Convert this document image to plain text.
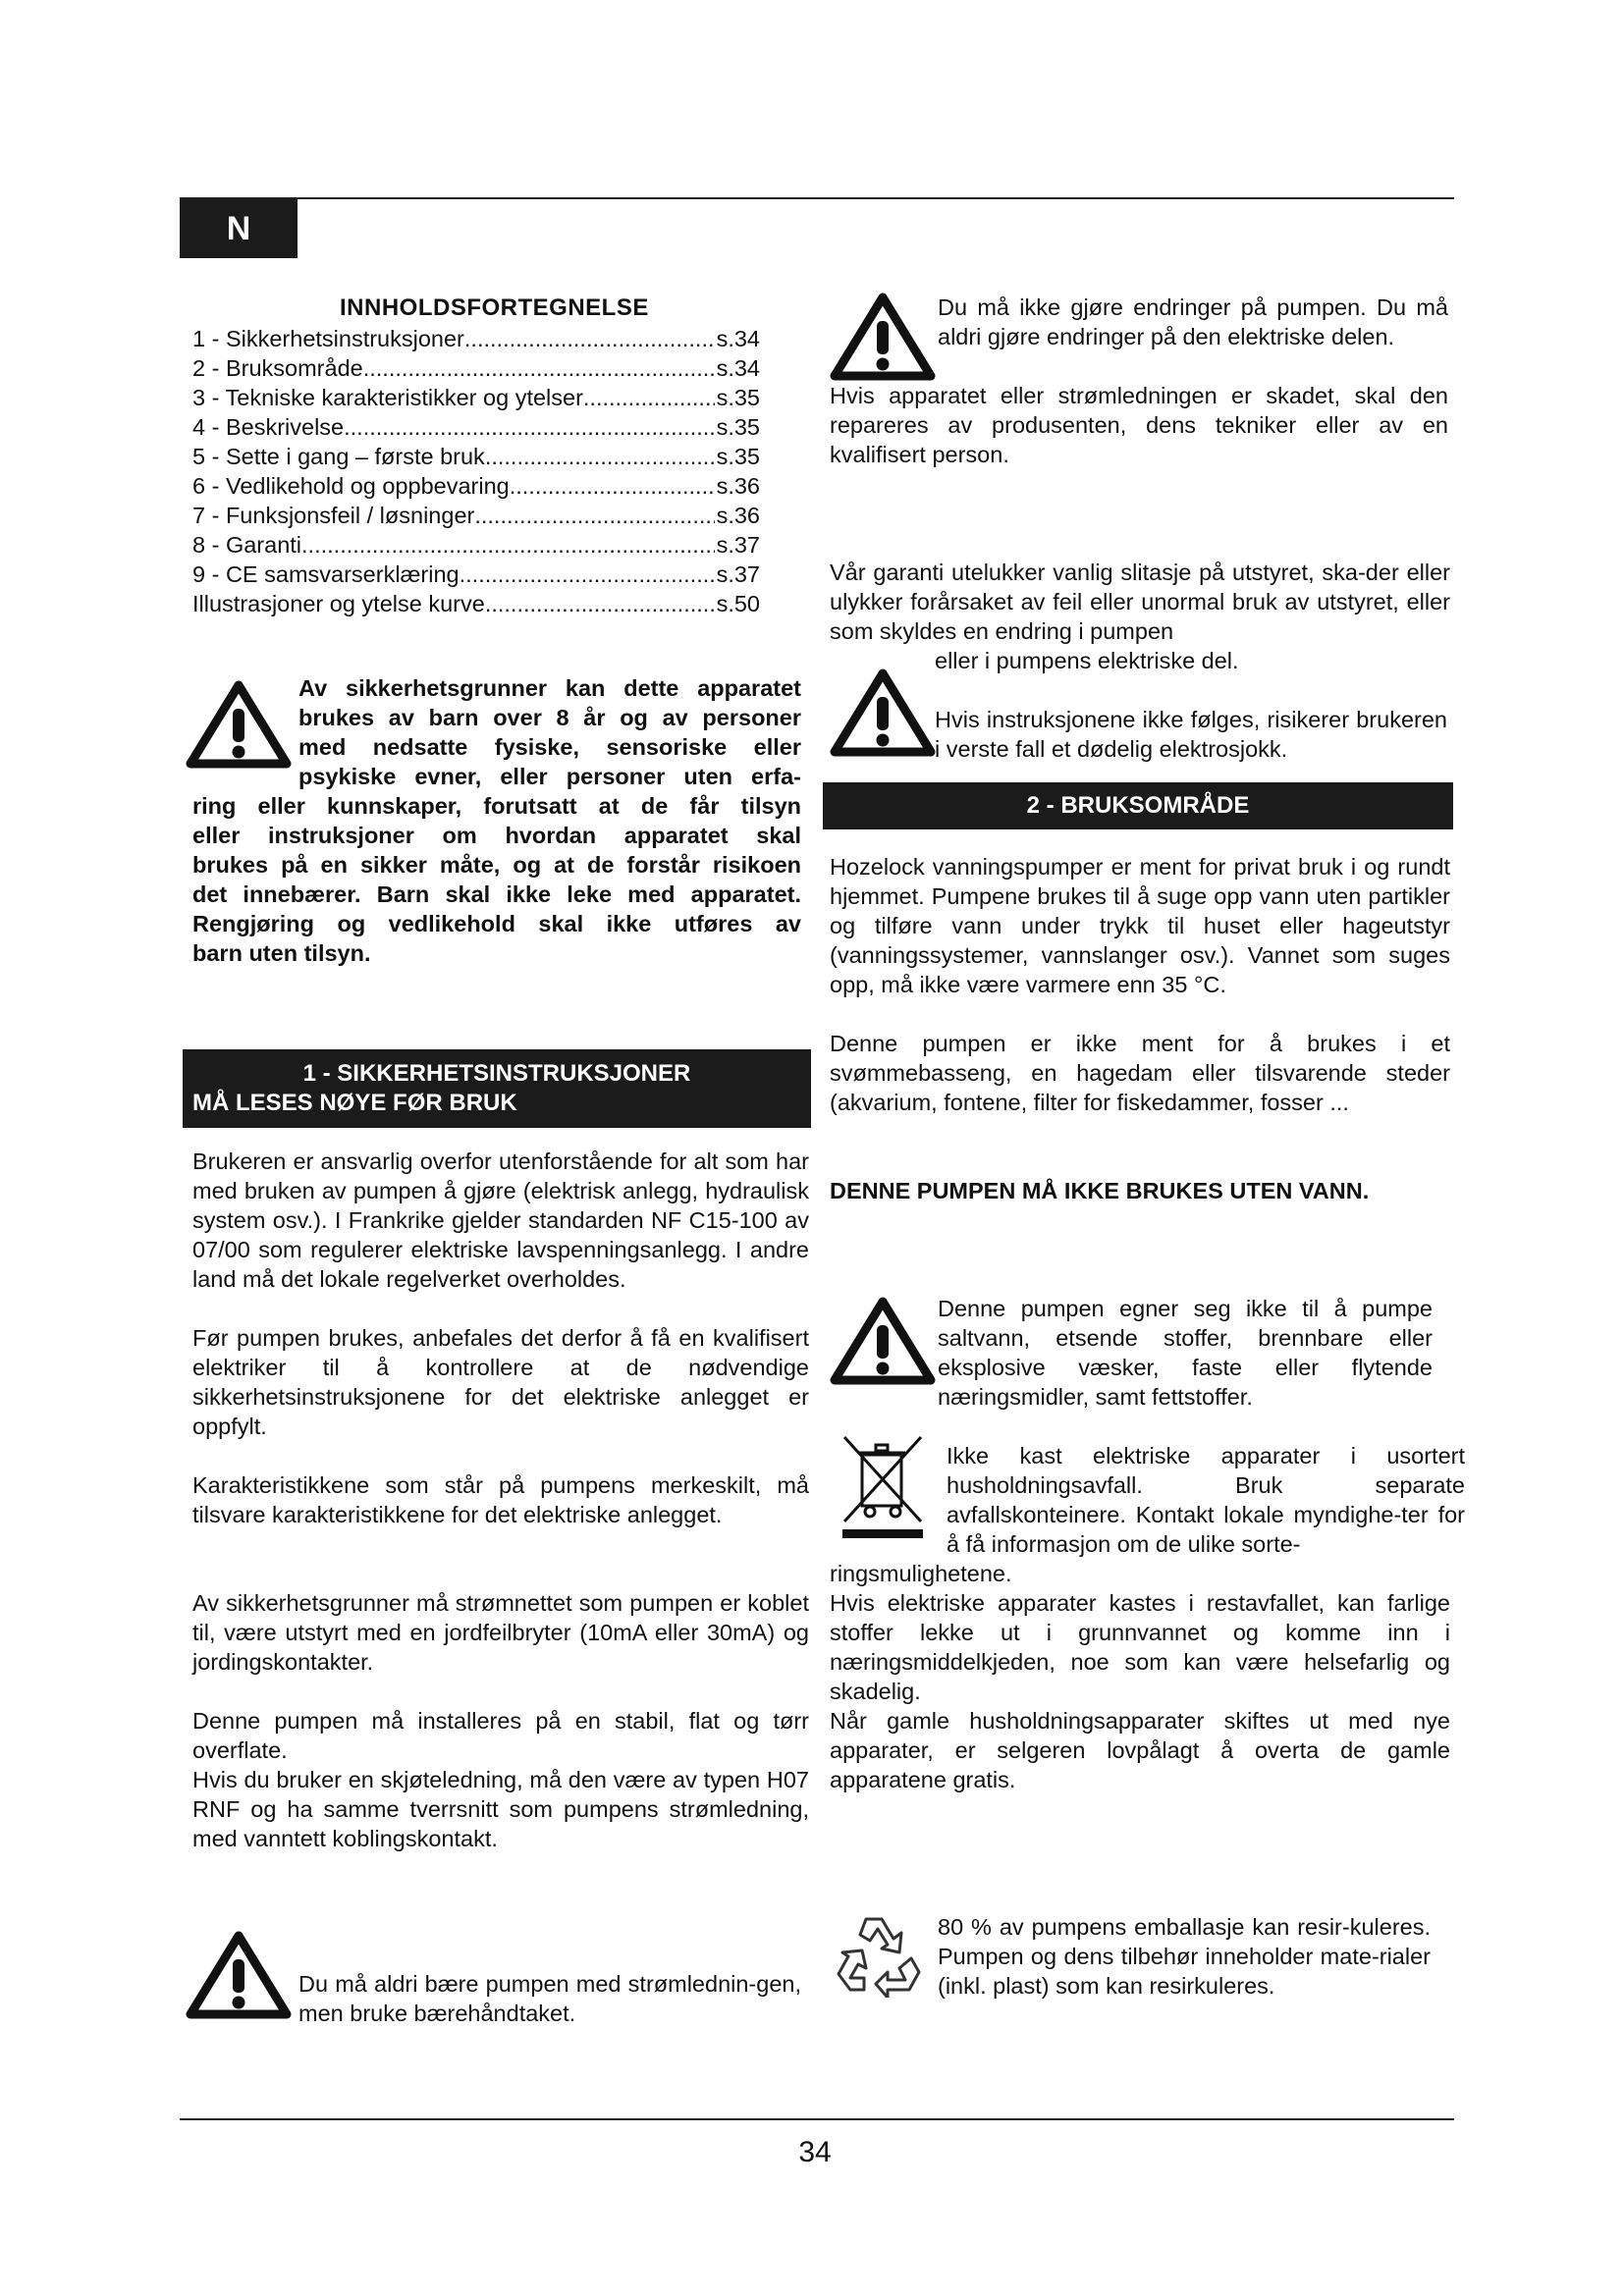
N
INNHOLDSFORTEGNELSE
1 - Sikkerhetsinstruksjoner .....	s.34
2 - Bruksområde .....	s.34
3 - Tekniske karakteristikker og ytelser .....	s.35
4 - Beskrivelse .....	s.35
5 - Sette i gang – første bruk .....	s.35
6 - Vedlikehold og oppbevaring .....	s.36
7 - Funksjonsfeil / løsninger .....	s.36
8 - Garanti .....	s.37
9 - CE samsvarserklæring .....	s.37
Illustrasjoner og ytelse kurve .....	s.50
Av sikkerhetsgrunner kan dette apparatet
brukes av barn over 8 år og av personer
med nedsatte fysiske, sensoriske eller
psykiske evner, eller personer uten erfa-
ring eller kunnskaper, forutsatt at de får tilsyn
eller instruksjoner om hvordan apparatet skal
brukes på en sikker måte, og at de forstår risikoen
det innebærer. Barn skal ikke leke med apparatet.
Rengjøring og vedlikehold skal ikke utføres av
barn uten tilsyn.
1 - SIKKERHETSINSTRUKSJONER
MÅ LESES NØYE FØR BRUK
Brukeren er ansvarlig overfor utenforstående for alt som har med bruken av pumpen å gjøre (elektrisk anlegg, hydraulisk system osv.). I Frankrike gjelder standarden NF C15-100 av 07/00 som regulerer elektriske lavspenningsanlegg. I andre land må det lokale regelverket overholdes.
Før pumpen brukes, anbefales det derfor å få en kvalifisert elektriker til å kontrollere at de nødvendige sikkerhetsinstruksjonene for det elektriske anlegget er oppfylt.
Karakteristikkene som står på pumpens merkeskilt, må tilsvare karakteristikkene for det elektriske anlegget.
Av sikkerhetsgrunner må strømnettet som pumpen er koblet til, være utstyrt med en jordfeilbryter (10mA eller 30mA) og jordingskontakter.
Denne pumpen må installeres på en stabil, flat og tørr overflate.
Hvis du bruker en skjøteledning, må den være av typen H07 RNF og ha samme tverrsnitt som pumpens strømledning, med vanntett koblingskontakt.
Du må aldri bære pumpen med strømlednin-gen, men bruke bærehåndtaket.
Du må ikke gjøre endringer på pumpen. Du må aldri gjøre endringer på den elektriske delen.
Hvis apparatet eller strømledningen er skadet, skal den repareres av produsenten, dens tekniker eller av en kvalifisert person.
Vår garanti utelukker vanlig slitasje på utstyret, ska-der eller ulykker forårsaket av feil eller unormal bruk av utstyret, eller som skyldes en endring i pumpen
eller i pumpens elektriske del.
Hvis instruksjonene ikke følges, risikerer brukeren i verste fall et dødelig elektrosjokk.
2 - BRUKSOMRÅDE
Hozelock vanningspumper er ment for privat bruk i og rundt hjemmet. Pumpene brukes til å suge opp vann uten partikler og tilføre vann under trykk til huset eller hageutstyr (vanningssystemer, vannslanger osv.). Vannet som suges opp, må ikke være varmere enn 35 °C.
Denne pumpen er ikke ment for å brukes i et svømmebasseng, en hagedam eller tilsvarende steder (akvarium, fontene, filter for fiskedammer, fosser ...
DENNE PUMPEN MÅ IKKE BRUKES UTEN VANN.
Denne pumpen egner seg ikke til å pumpe saltvann, etsende stoffer, brennbare eller eksplosive væsker, faste eller flytende næringsmidler, samt fettstoffer.
Ikke kast elektriske apparater i usortert husholdningsavfall. Bruk separate avfallskonteinere. Kontakt lokale myndighe-ter for å få informasjon om de ulike sorte-
ringsmulighetene.
Hvis elektriske apparater kastes i restavfallet, kan farlige stoffer lekke ut i grunnvannet og komme inn i næringsmiddelkjeden, noe som kan være helsefarlig og skadelig.
Når gamle husholdningsapparater skiftes ut med nye apparater, er selgeren lovpålagt å overta de gamle apparatene gratis.
80 % av pumpens emballasje kan resir-kuleres. Pumpen og dens tilbehør inneholder mate-rialer (inkl. plast) som kan resirkuleres.
34
